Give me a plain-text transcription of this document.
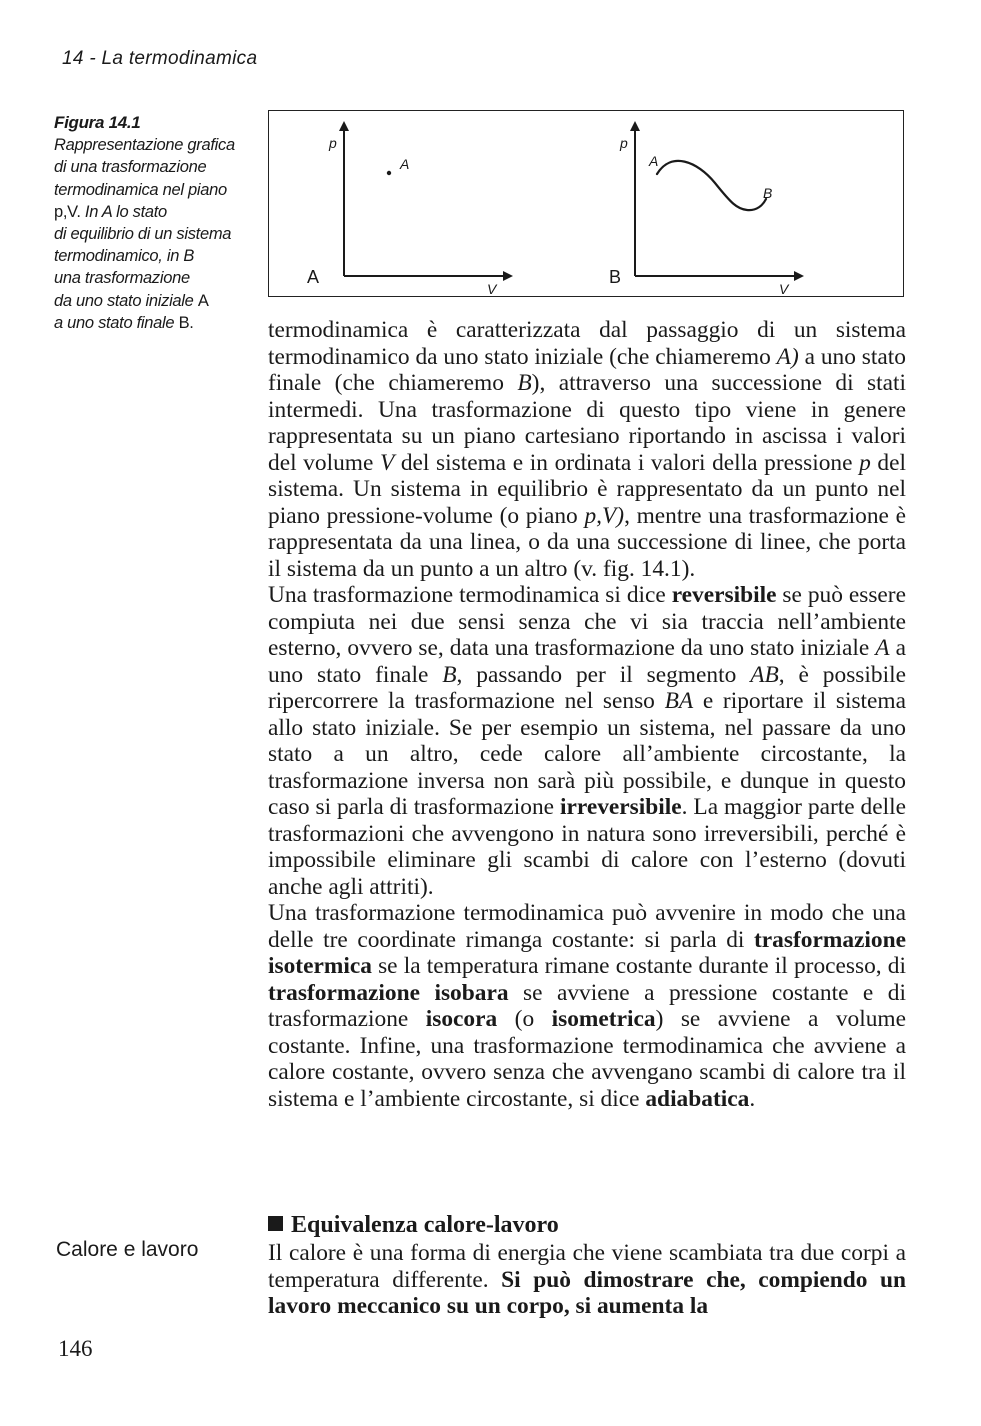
14 - La termodinamica
Figura 14.1
Rappresentazione grafica
di una trasformazione
termodinamica nel piano
p,V. In A lo stato
di equilibrio di un sistema
termodinamico, in B
una trasformazione
da uno stato iniziale A
a uno stato finale B.
p
V
A
A
p
V
B
A
B

termodinamica è caratterizzata dal passaggio di un sistema termodinamico da uno stato iniziale (che chiameremo A) a uno stato finale (che chiameremo B), attraverso una successione di stati intermedi. Una trasformazione di questo tipo viene in genere rappresentata su un piano cartesiano riportando in ascissa i valori del volume V del sistema e in ordinata i valori della pressione p del sistema. Un sistema in equilibrio è rappresentato da un punto nel piano pressione-volume (o piano p,V), mentre una trasformazione è rappresentata da una linea, o da una successione di linee, che porta il sistema da un punto a un altro (v. fig. 14.1).

Una trasformazione termodinamica si dice reversibile se può essere compiuta nei due sensi senza che vi sia traccia nell’ambiente esterno, ovvero se, data una trasformazione da uno stato iniziale A a uno stato finale B, passando per il segmento AB, è possibile ripercorrere la trasformazione nel senso BA e riportare il sistema allo stato iniziale. Se per esempio un sistema, nel passare da uno stato a un altro, cede calore all’ambiente circostante, la trasformazione inversa non sarà più possibile, e dunque in questo caso si parla di trasformazione irreversibile. La maggior parte delle trasformazioni che avvengono in natura sono irreversibili, perché è impossibile eliminare gli scambi di calore con l’esterno (dovuti anche agli attriti).

Una trasformazione termodinamica può avvenire in modo che una delle tre coordinate rimanga costante: si parla di trasformazione isotermica se la temperatura rimane costante durante il processo, di trasformazione isobara se avviene a pressione costante e di trasformazione isocora (o isometrica) se avviene a volume costante. Infine, una trasformazione termodinamica che avviene a calore costante, ovvero senza che avvengano scambi di calore tra il sistema e l’ambiente circostante, si dice adiabatica.

Equivalenza calore-lavoro
Calore e lavoro	Il calore è una forma di energia che viene scambiata tra due corpi a temperatura differente. Si può dimostrare che, compiendo un lavoro meccanico su un corpo, si aumenta la

146
